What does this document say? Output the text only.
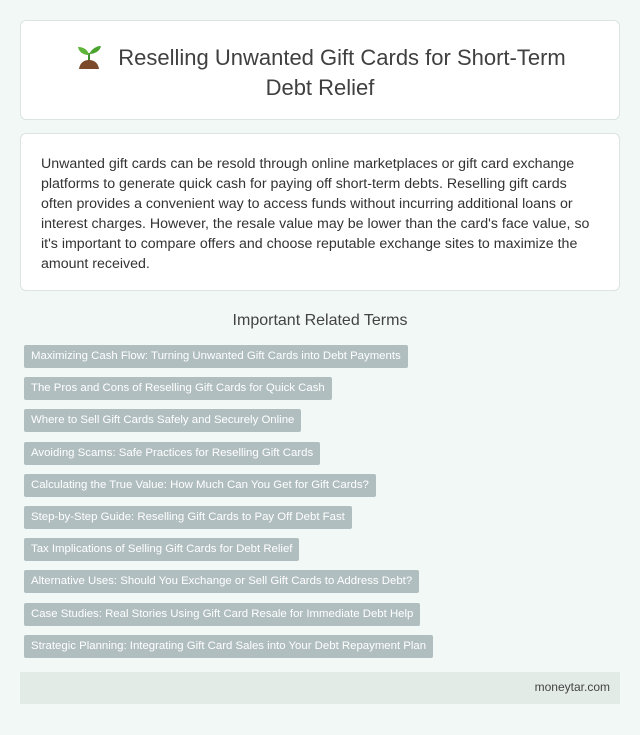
Reselling Unwanted Gift Cards for Short-Term Debt Relief

Unwanted gift cards can be resold through online marketplaces or gift card exchange platforms to generate quick cash for paying off short-term debts. Reselling gift cards often provides a convenient way to access funds without incurring additional loans or interest charges. However, the resale value may be lower than the card's face value, so it's important to compare offers and choose reputable exchange sites to maximize the amount received.

Important Related Terms
Maximizing Cash Flow: Turning Unwanted Gift Cards into Debt Payments
The Pros and Cons of Reselling Gift Cards for Quick Cash
Where to Sell Gift Cards Safely and Securely Online
Avoiding Scams: Safe Practices for Reselling Gift Cards
Calculating the True Value: How Much Can You Get for Gift Cards?
Step-by-Step Guide: Reselling Gift Cards to Pay Off Debt Fast
Tax Implications of Selling Gift Cards for Debt Relief
Alternative Uses: Should You Exchange or Sell Gift Cards to Address Debt?
Case Studies: Real Stories Using Gift Card Resale for Immediate Debt Help
Strategic Planning: Integrating Gift Card Sales into Your Debt Repayment Plan
moneytar.com
